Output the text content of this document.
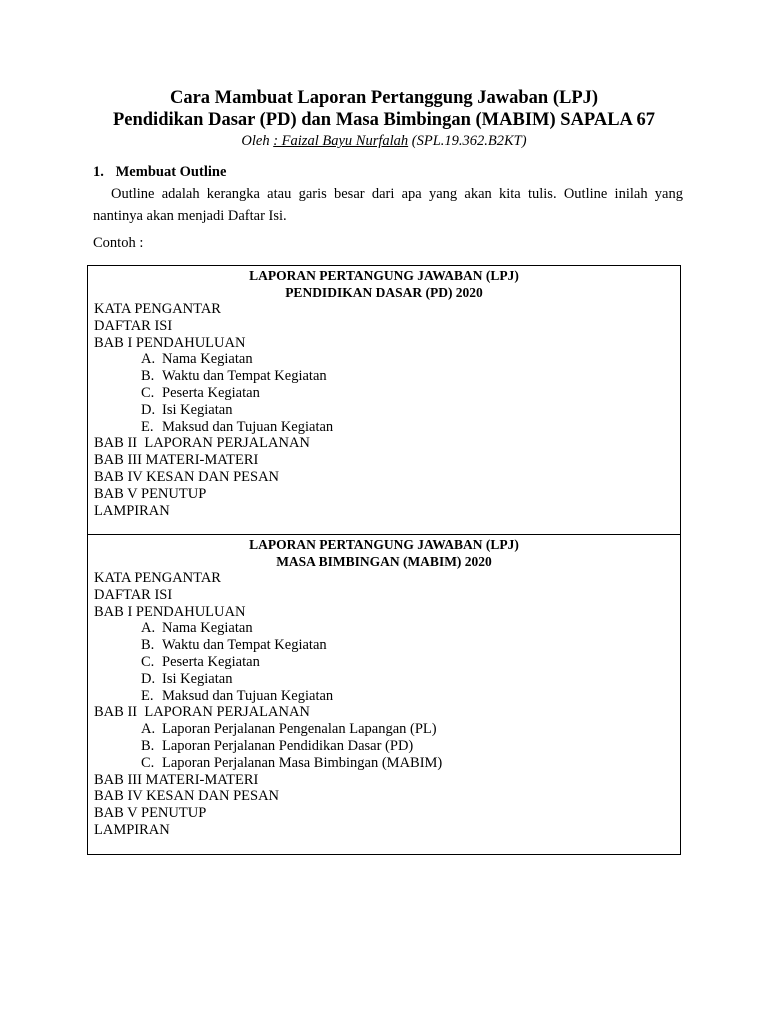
Cara Mambuat Laporan Pertanggung Jawaban (LPJ)
Pendidikan Dasar (PD) dan Masa Bimbingan (MABIM) SAPALA 67
Oleh : Faizal Bayu Nurfalah (SPL.19.362.B2KT)
1. Membuat Outline
Outline adalah kerangka atau garis besar dari apa yang akan kita tulis. Outline inilah yang
nantinya akan menjadi Daftar Isi.
Contoh :
LAPORAN PERTANGUNG JAWABAN (LPJ)
PENDIDIKAN DASAR (PD) 2020
KATA PENGANTAR
DAFTAR ISI
BAB I PENDAHULUAN
A. Nama Kegiatan
B. Waktu dan Tempat Kegiatan
C. Peserta Kegiatan
D. Isi Kegiatan
E. Maksud dan Tujuan Kegiatan
BAB II  LAPORAN PERJALANAN
BAB III MATERI-MATERI
BAB IV KESAN DAN PESAN
BAB V PENUTUP
LAMPIRAN
LAPORAN PERTANGUNG JAWABAN (LPJ)
MASA BIMBINGAN (MABIM) 2020
KATA PENGANTAR
DAFTAR ISI
BAB I PENDAHULUAN
A. Nama Kegiatan
B. Waktu dan Tempat Kegiatan
C. Peserta Kegiatan
D. Isi Kegiatan
E. Maksud dan Tujuan Kegiatan
BAB II  LAPORAN PERJALANAN
A. Laporan Perjalanan Pengenalan Lapangan (PL)
B. Laporan Perjalanan Pendidikan Dasar (PD)
C. Laporan Perjalanan Masa Bimbingan (MABIM)
BAB III MATERI-MATERI
BAB IV KESAN DAN PESAN
BAB V PENUTUP
LAMPIRAN
